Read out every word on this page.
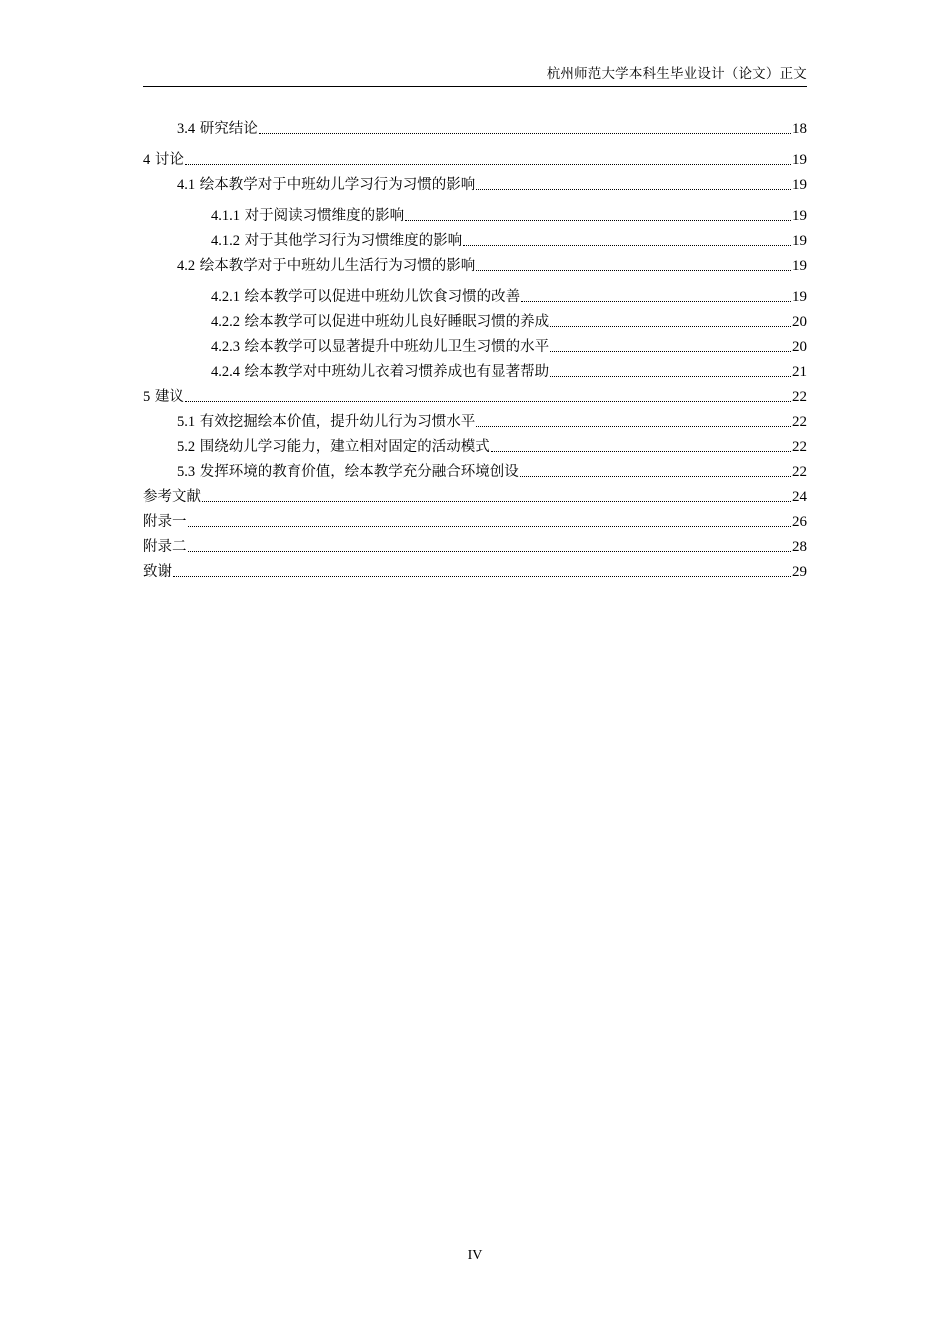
杭州师范大学本科生毕业设计（论文）正文
3.4 研究结论	18
4 讨论	19
4.1 绘本教学对于中班幼儿学习行为习惯的影响	19
4.1.1 对于阅读习惯维度的影响	19
4.1.2 对于其他学习行为习惯维度的影响	19
4.2 绘本教学对于中班幼儿生活行为习惯的影响	19
4.2.1 绘本教学可以促进中班幼儿饮食习惯的改善	19
4.2.2 绘本教学可以促进中班幼儿良好睡眠习惯的养成	20
4.2.3 绘本教学可以显著提升中班幼儿卫生习惯的水平	20
4.2.4 绘本教学对中班幼儿衣着习惯养成也有显著帮助	21
5 建议	22
5.1 有效挖掘绘本价值，提升幼儿行为习惯水平	22
5.2 围绕幼儿学习能力，建立相对固定的活动模式	22
5.3 发挥环境的教育价值，绘本教学充分融合环境创设	22
参考文献	24
附录一	26
附录二	28
致谢	29
IV
